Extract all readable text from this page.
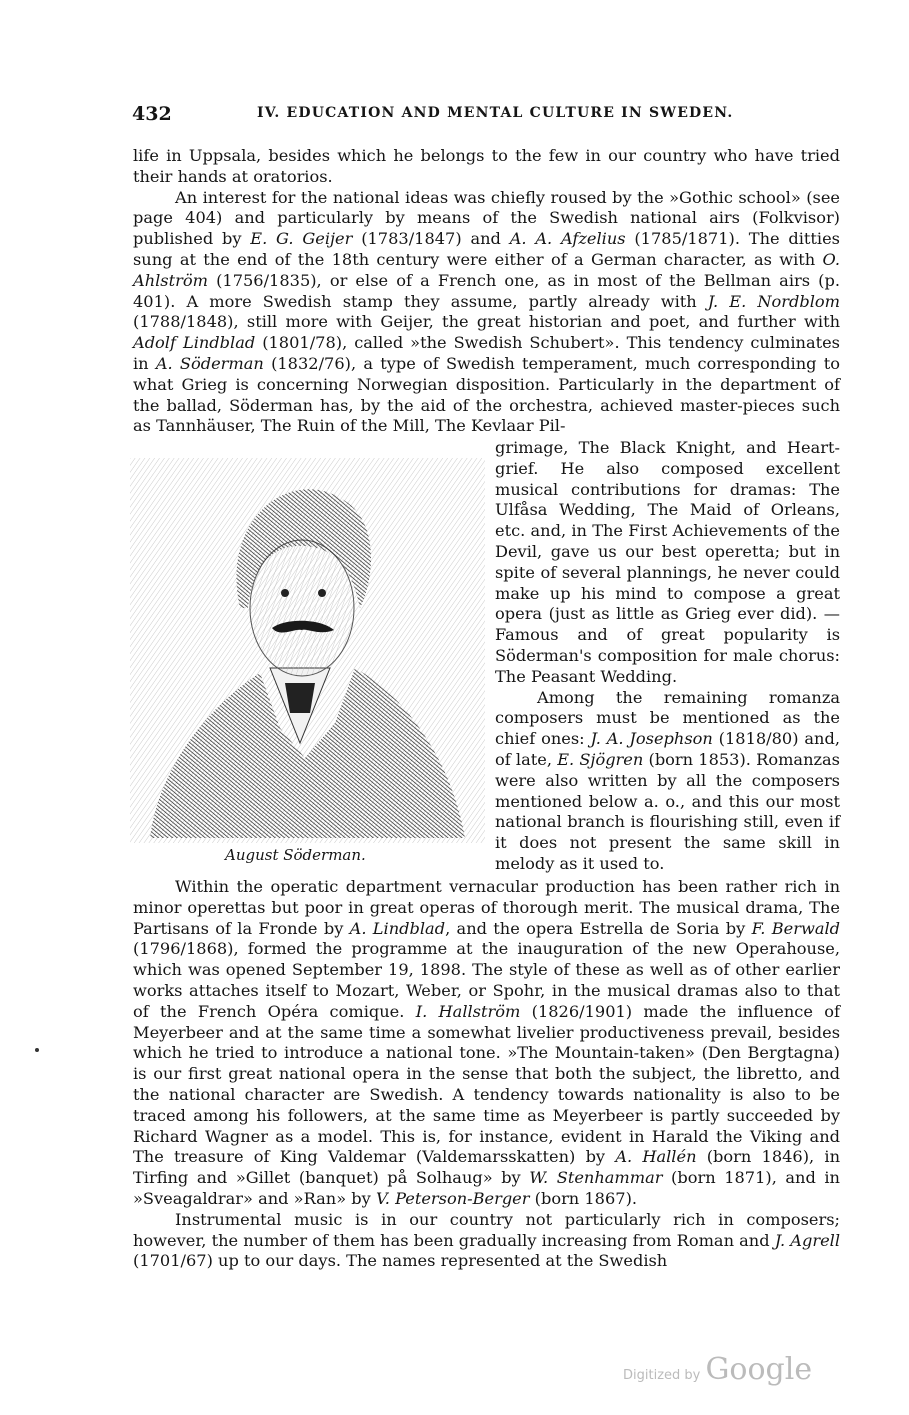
432	IV. EDUCATION AND MENTAL CULTURE IN SWEDEN.

life in Uppsala, besides which he belongs to the few in our country who have tried their hands at oratorios.

An interest for the national ideas was chiefly roused by the »Gothic school» (see page 404) and particularly by means of the Swedish national airs (Folkvisor) published by E. G. Geijer (1783/1847) and A. A. Afzelius (1785/1871). The ditties sung at the end of the 18th century were either of a German character, as with O. Ahlström (1756/1835), or else of a French one, as in most of the Bellman airs (p. 401). A more Swedish stamp they assume, partly already with J. E. Nordblom (1788/1848), still more with Geijer, the great historian and poet, and further with Adolf Lindblad (1801/78), called »the Swedish Schubert». This tendency culminates in A. Söderman (1832/76), a type of Swedish temperament, much corresponding to what Grieg is concerning Norwegian disposition. Particularly in the department of the ballad, Söderman has, by the aid of the orchestra, achieved master-pieces such as Tannhäuser, The Ruin of the Mill, The Kevlaar Pil-

grimage, The Black Knight, and Heart-grief. He also composed excellent musical contributions for dramas: The Ulfåsa Wedding, The Maid of Orleans, etc. and, in The First Achievements of the Devil, gave us our best operetta; but in spite of several plannings, he never could make up his mind to compose a great opera (just as little as Grieg ever did). — Famous and of great popularity is Söderman's composition for male chorus: The Peasant Wedding.

Among the remaining romanza composers must be mentioned as the chief ones: J. A. Josephson (1818/80) and, of late, E. Sjögren (born 1853). Romanzas were also written by all the composers mentioned below a. o., and this our most national branch is flourishing still, even if it does not present the same skill in melody as it used to.

August Söderman.

Within the operatic department vernacular production has been rather rich in minor operettas but poor in great operas of thorough merit. The musical drama, The Partisans of la Fronde by A. Lindblad, and the opera Estrella de Soria by F. Berwald (1796/1868), formed the programme at the inauguration of the new Operahouse, which was opened September 19, 1898. The style of these as well as of other earlier works attaches itself to Mozart, Weber, or Spohr, in the musical dramas also to that of the French Opéra comique. I. Hallström (1826/1901) made the influence of Meyerbeer and at the same time a somewhat livelier productiveness prevail, besides which he tried to introduce a national tone. »The Mountain-taken» (Den Bergtagna) is our first great national opera in the sense that both the subject, the libretto, and the national character are Swedish. A tendency towards nationality is also to be traced among his followers, at the same time as Meyerbeer is partly succeeded by Richard Wagner as a model. This is, for instance, evident in Harald the Viking and The treasure of King Valdemar (Valdemarsskatten) by A. Hallén (born 1846), in Tirfing and »Gillet (banquet) på Solhaug» by W. Stenhammar (born 1871), and in »Sveagaldrar» and »Ran» by V. Peterson-Berger (born 1867).

Instrumental music is in our country not particularly rich in composers; however, the number of them has been gradually increasing from Roman and J. Agrell (1701/67) up to our days. The names represented at the Swedish

Digitized by Google
